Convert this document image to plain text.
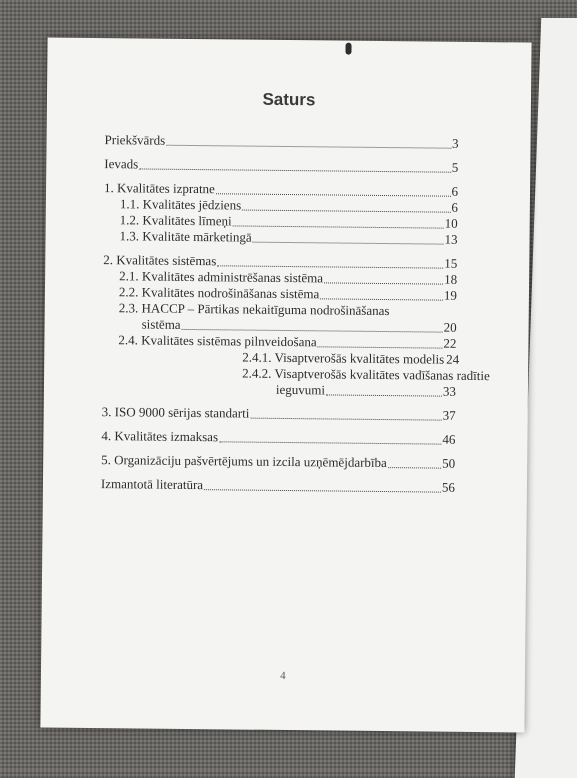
Saturs
Priekšvārds	3
Ievads	5
1. Kvalitātes izpratne	6
1.1. Kvalitātes jēdziens	6
1.2. Kvalitātes līmeņi	10
1.3. Kvalitāte mārketingā	13
2. Kvalitātes sistēmas	15
2.1. Kvalitātes administrēšanas sistēma	18
2.2. Kvalitātes nodrošināšanas sistēma	19
2.3. HACCP – Pārtikas nekaitīguma nodrošināšanas
sistēma	20
2.4. Kvalitātes sistēmas pilnveidošana	22
2.4.1. Visaptverošās kvalitātes modelis 24
2.4.2. Visaptverošās kvalitātes vadīšanas radītie
ieguvumi	33
3. ISO 9000 sērijas standarti	37
4. Kvalitātes izmaksas	46
5. Organizāciju pašvērtējums un izcila uzņēmējdarbība	50
Izmantotā literatūra	56
4
